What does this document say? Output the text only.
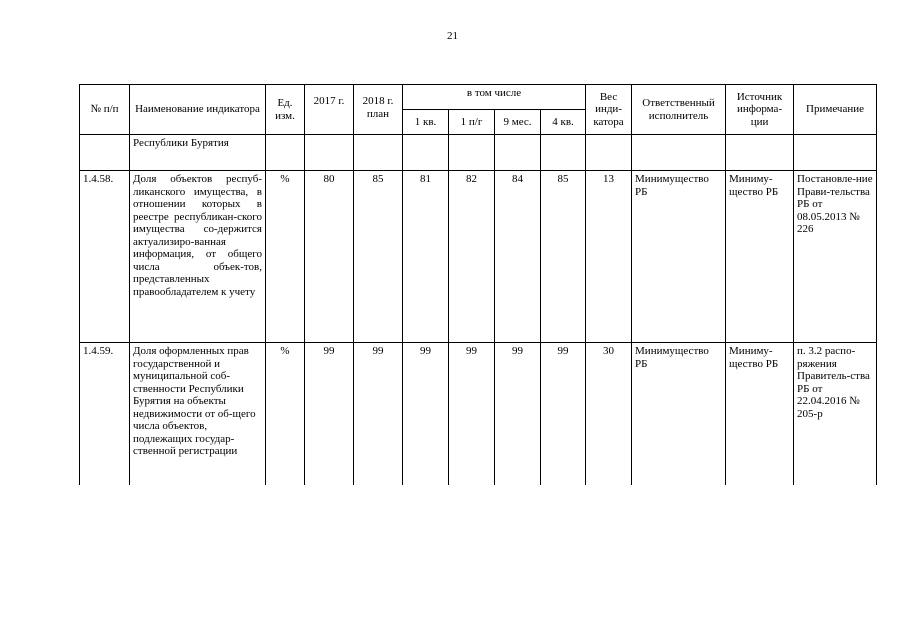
21
№ п/п	Наименование индикатора	Ед. изм.	2017 г.	2018 г. план	в том числе				Вес инди-катора	Ответственный исполнитель	Источник информа-ции	Примечание
					1 кв.	1 п/г	9 мес.	4 кв.				
	Республики Бурятия											
1.4.58.	Доля объектов респуб-ликанского имущества, в отношении которых в реестре республикан-ского имущества со-держится актуализиро-ванная информация, от общего числа объек-тов, представленных правообладателем к учету	%	80	85	81	82	84	85	13	Минимущество РБ	Миниму-щество РБ	Постановле-ние Прави-тельства РБ от 08.05.2013 № 226
1.4.59.	Доля оформленных прав государственной и муниципальной соб-ственности Республики Бурятия на объекты недвижимости от об-щего числа объектов, подлежащих государ-ственной регистрации	%	99	99	99	99	99	99	30	Минимущество РБ	Миниму-щество РБ	п. 3.2 распо-ряжения Правитель-ства РБ от 22.04.2016 № 205-р
